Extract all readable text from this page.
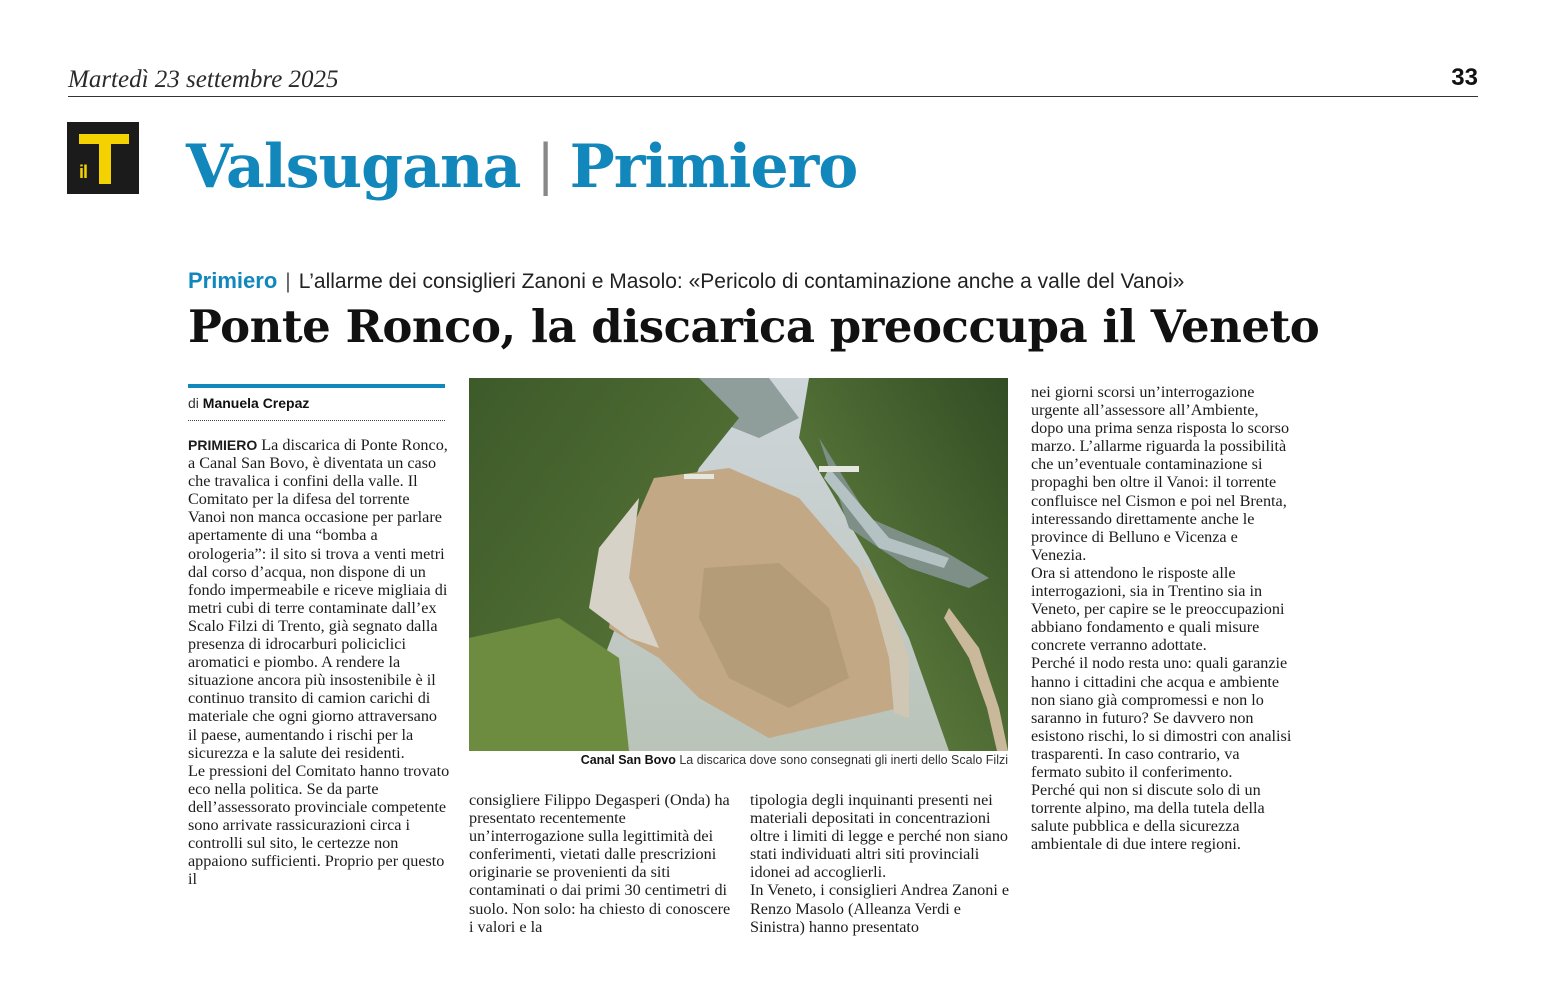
Martedì 23 settembre 2025	33
il Valsugana | Primiero
Primiero | L’allarme dei consiglieri Zanoni e Masolo: «Pericolo di contaminazione anche a valle del Vanoi»
Ponte Ronco, la discarica preoccupa il Veneto
di Manuela Crepaz

PRIMIERO La discarica di Ponte Ronco, a Canal San Bovo, è diventata un caso che travalica i confini della valle. Il Comitato per la difesa del torrente Vanoi non manca occasione per parlare apertamente di una “bomba a orologeria”: il sito si trova a venti metri dal corso d’acqua, non dispone di un fondo impermeabile e riceve migliaia di metri cubi di terre contaminate dall’ex Scalo Filzi di Trento, già segnato dalla presenza di idrocarburi policiclici aromatici e piombo. A rendere la situazione ancora più insostenibile è il continuo transito di camion carichi di materiale che ogni giorno attraversano il paese, aumentando i rischi per la sicurezza e la salute dei residenti.

Le pressioni del Comitato hanno trovato eco nella politica. Se da parte dell’assessorato provinciale competente sono arrivate rassicurazioni circa i controlli sul sito, le certezze non appaiono sufficienti. Proprio per questo il

Canal San Bovo La discarica dove sono consegnati gli inerti dello Scalo Filzi

consigliere Filippo Degasperi (Onda) ha presentato recentemente un’interrogazione sulla legittimità dei conferimenti, vietati dalle prescrizioni originarie se provenienti da siti contaminati o dai primi 30 centimetri di suolo. Non solo: ha chiesto di conoscere i valori e la

tipologia degli inquinanti presenti nei materiali depositati in concentrazioni oltre i limiti di legge e perché non siano stati individuati altri siti provinciali idonei ad accoglierli.

In Veneto, i consiglieri Andrea Zanoni e Renzo Masolo (Alleanza Verdi e Sinistra) hanno presentato

nei giorni scorsi un’interrogazione urgente all’assessore all’Ambiente, dopo una prima senza risposta lo scorso marzo. L’allarme riguarda la possibilità che un’eventuale contaminazione si propaghi ben oltre il Vanoi: il torrente confluisce nel Cismon e poi nel Brenta, interessando direttamente anche le province di Belluno e Vicenza e Venezia.

Ora si attendono le risposte alle interrogazioni, sia in Trentino sia in Veneto, per capire se le preoccupazioni abbiano fondamento e quali misure concrete verranno adottate.

Perché il nodo resta uno: quali garanzie hanno i cittadini che acqua e ambiente non siano già compromessi e non lo saranno in futuro? Se davvero non esistono rischi, lo si dimostri con analisi trasparenti. In caso contrario, va fermato subito il conferimento.

Perché qui non si discute solo di un torrente alpino, ma della tutela della salute pubblica e della sicurezza ambientale di due intere regioni.
